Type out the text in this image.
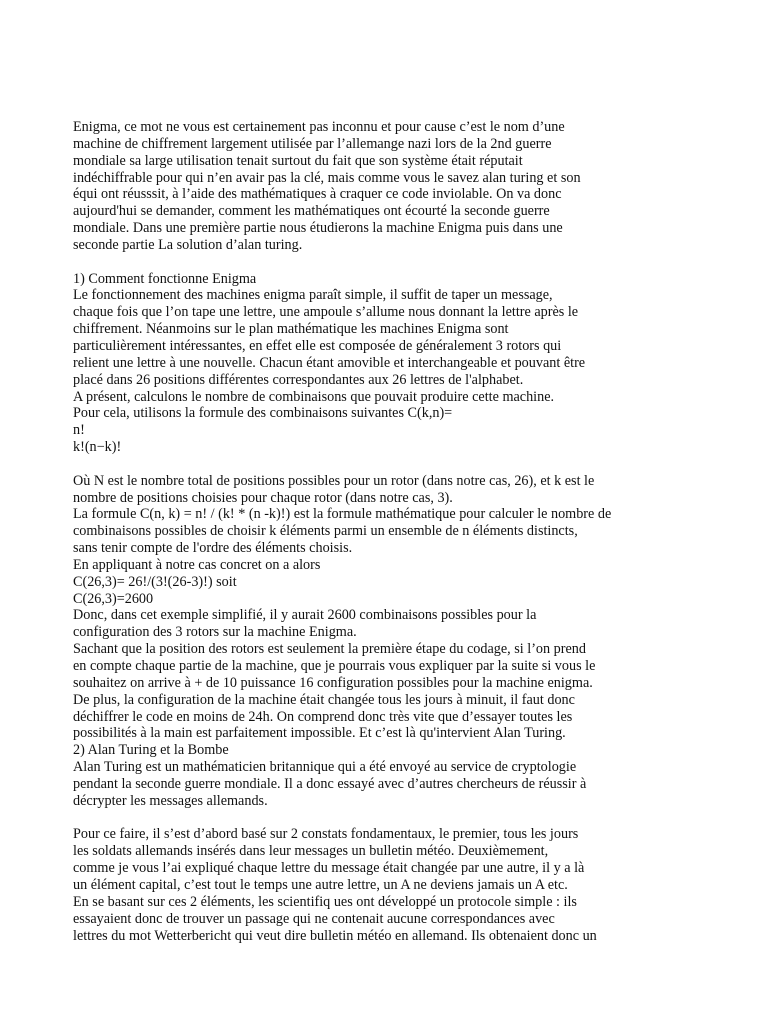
Enigma, ce mot ne vous est certainement pas inconnu et pour cause c’est le nom d’une
machine de chiffrement largement utilisée par l’allemange nazi lors de la 2nd guerre
mondiale sa large utilisation tenait surtout du fait que son système était réputait
indéchiffrable pour qui n’en avair pas la clé, mais comme vous le savez alan turing et son
équi ont réusssit, à l’aide des mathématiques à craquer ce code inviolable. On va donc
aujourd'hui se demander, comment les mathématiques ont écourté la seconde guerre
mondiale. Dans une première partie nous étudierons la machine Enigma puis dans une
seconde partie La solution d’alan turing.
1) Comment fonctionne Enigma
Le fonctionnement des machines enigma paraît simple, il suffit de taper un message,
chaque fois que l’on tape une lettre, une ampoule s’allume nous donnant la lettre après le
chiffrement. Néanmoins sur le plan mathématique les machines Enigma sont
particulièrement intéressantes, en effet elle est composée de généralement 3 rotors qui
relient une lettre à une nouvelle. Chacun étant amovible et interchangeable et pouvant être
placé dans 26 positions différentes correspondantes aux 26 lettres de l'alphabet.
A présent, calculons le nombre de combinaisons que pouvait produire cette machine.
Pour cela, utilisons la formule des combinaisons suivantes C(k,n)=
n!
k!(n−k)!
Où N est le nombre total de positions possibles pour un rotor (dans notre cas, 26), et k est le
nombre de positions choisies pour chaque rotor (dans notre cas, 3).
La formule C(n, k) = n! / (k! * (n -k)!) est la formule mathématique pour calculer le nombre de
combinaisons possibles de choisir k éléments parmi un ensemble de n éléments distincts,
sans tenir compte de l'ordre des éléments choisis.
En appliquant à notre cas concret on a alors
C(26,3)= 26!/(3!(26-3)!) soit
C(26,3)=2600
Donc, dans cet exemple simplifié, il y aurait 2600 combinaisons possibles pour la
configuration des 3 rotors sur la machine Enigma.
Sachant que la position des rotors est seulement la première étape du codage, si l’on prend
en compte chaque partie de la machine, que je pourrais vous expliquer par la suite si vous le
souhaitez on arrive à + de 10 puissance 16 configuration possibles pour la machine enigma.
De plus, la configuration de la machine était changée tous les jours à minuit, il faut donc
déchiffrer le code en moins de 24h. On comprend donc très vite que d’essayer toutes les
possibilités à la main est parfaitement impossible. Et c’est là qu'intervient Alan Turing.
2) Alan Turing et la Bombe
Alan Turing est un mathématicien britannique qui a été envoyé au service de cryptologie
pendant la seconde guerre mondiale. Il a donc essayé avec d’autres chercheurs de réussir à
décrypter les messages allemands.
Pour ce faire, il s’est d’abord basé sur 2 constats fondamentaux, le premier, tous les jours
les soldats allemands insérés dans leur messages un bulletin météo. Deuxièmement,
comme je vous l’ai expliqué chaque lettre du message était changée par une autre, il y a là
un élément capital, c’est tout le temps une autre lettre, un A ne deviens jamais un A etc.
En se basant sur ces 2 éléments, les scientifiq ues ont développé un protocole simple : ils
essayaient donc de trouver un passage qui ne contenait aucune correspondances avec
lettres du mot Wetterbericht qui veut dire bulletin météo en allemand. Ils obtenaient donc un
